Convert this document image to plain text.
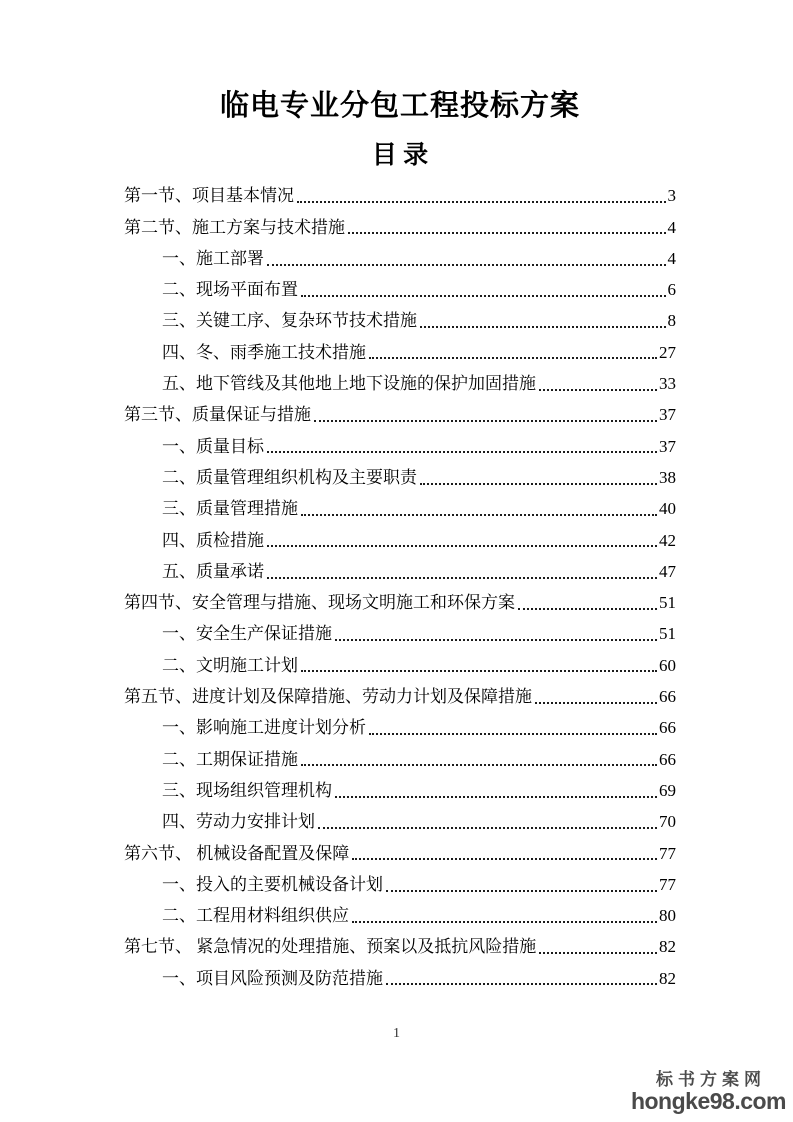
临电专业分包工程投标方案
目 录
第一节、项目基本情况	3
第二节、施工方案与技术措施	4
一、施工部署	4
二、现场平面布置	6
三、关键工序、复杂环节技术措施	8
四、冬、雨季施工技术措施	27
五、地下管线及其他地上地下设施的保护加固措施	33
第三节、质量保证与措施	37
一、质量目标	37
二、质量管理组织机构及主要职责	38
三、质量管理措施	40
四、质检措施	42
五、质量承诺	47
第四节、安全管理与措施、现场文明施工和环保方案	51
一、安全生产保证措施	51
二、文明施工计划	60
第五节、进度计划及保障措施、劳动力计划及保障措施	66
一、影响施工进度计划分析	66
二、工期保证措施	66
三、现场组织管理机构	69
四、劳动力安排计划	70
第六节、 机械设备配置及保障	77
一、投入的主要机械设备计划	77
二、工程用材料组织供应	80
第七节、 紧急情况的处理措施、预案以及抵抗风险措施	82
一、项目风险预测及防范措施	82
1
标书方案网
hongke98.com
